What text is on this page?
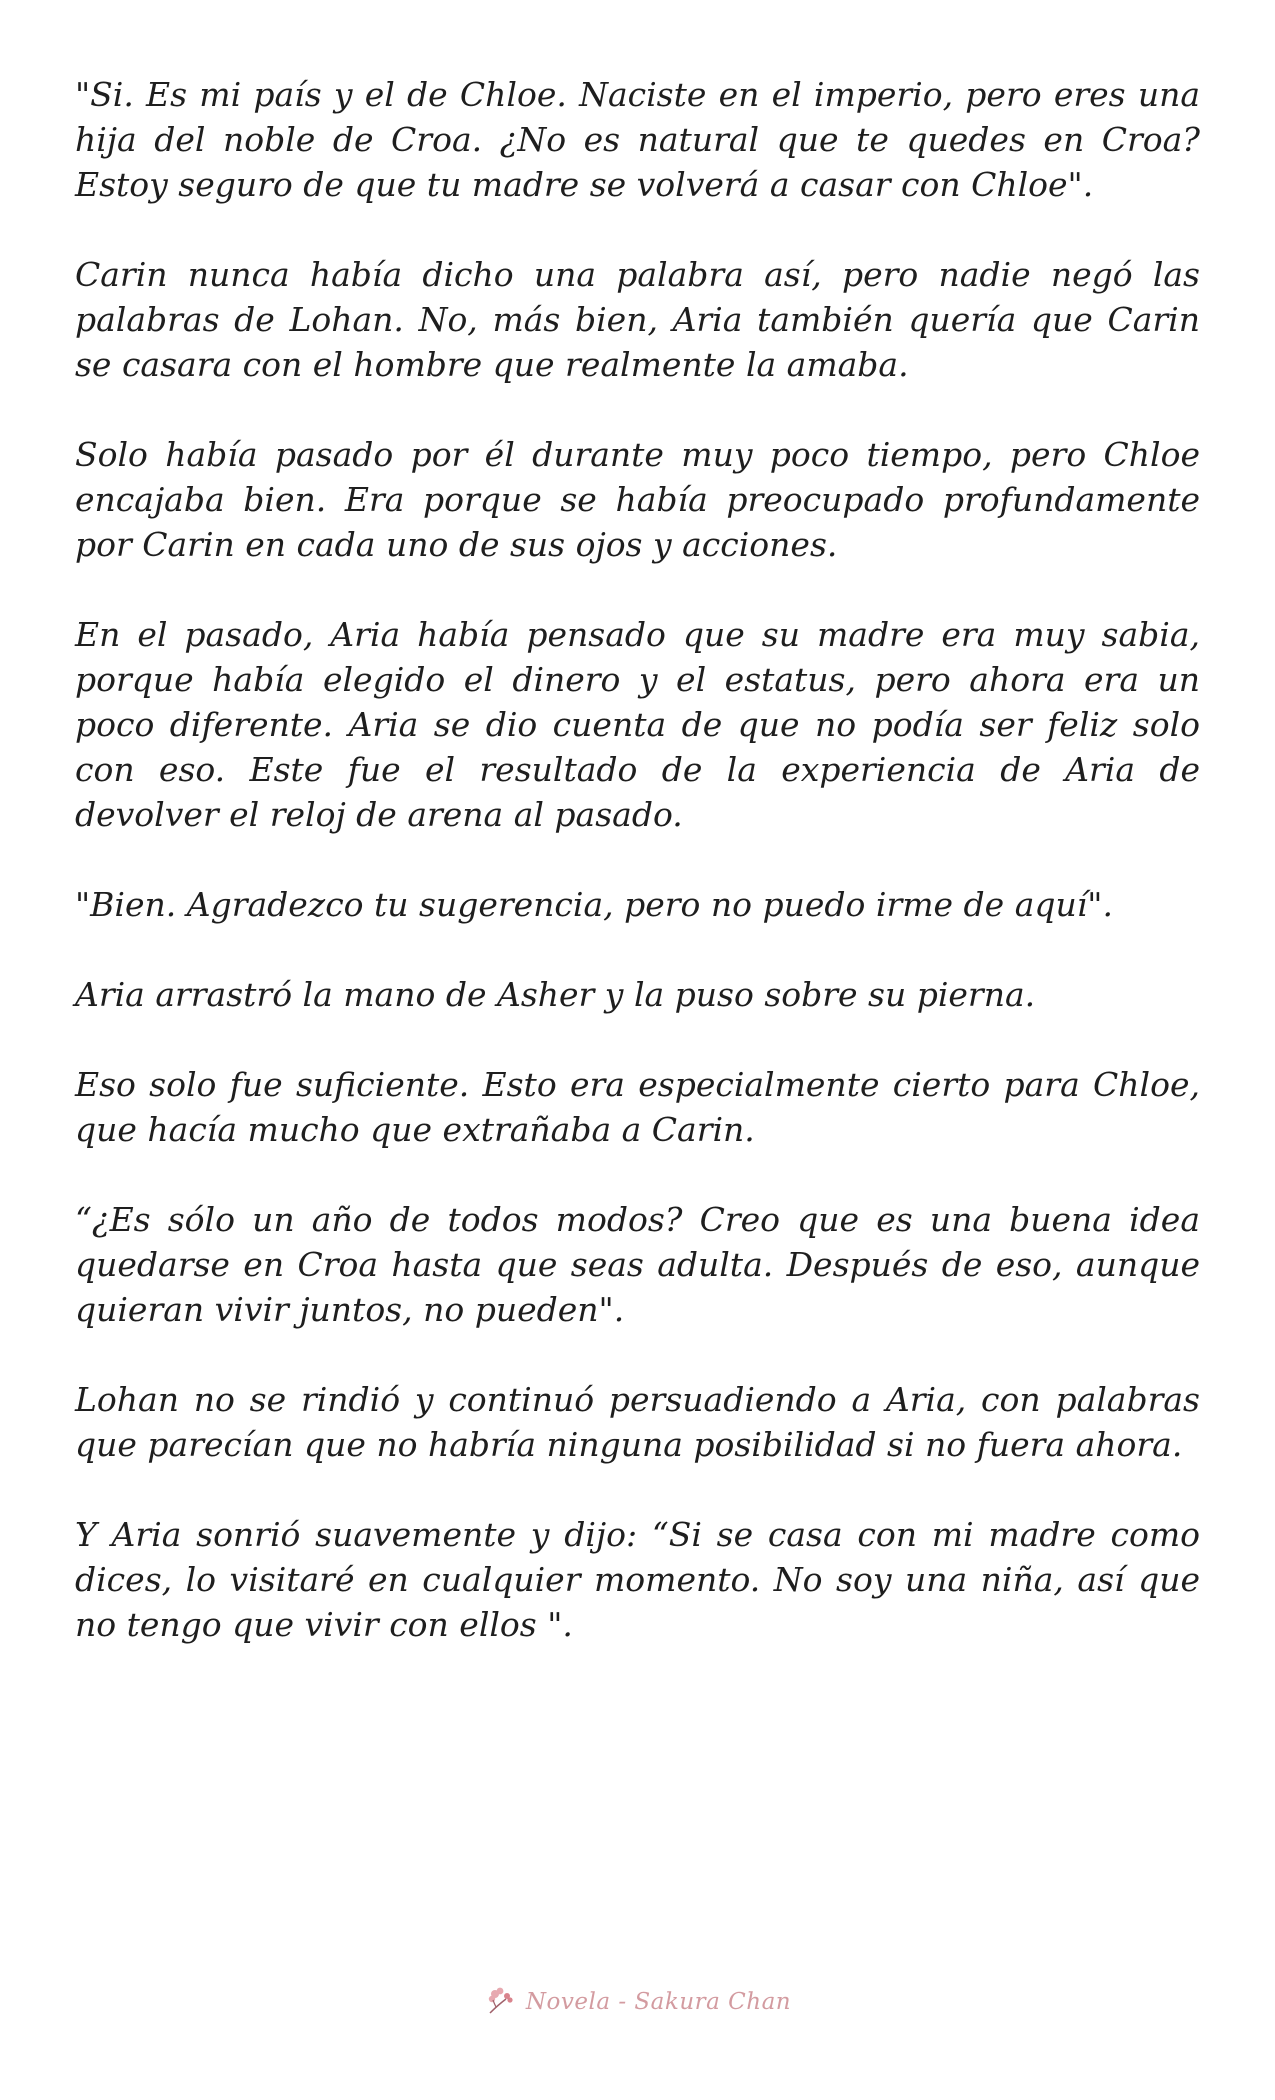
"Si. Es mi país y el de Chloe. Naciste en el imperio, pero eres una hija del noble de Croa. ¿No es natural que te quedes en Croa? Estoy seguro de que tu madre se volverá a casar con Chloe".

Carin nunca había dicho una palabra así, pero nadie negó las palabras de Lohan. No, más bien, Aria también quería que Carin se casara con el hombre que realmente la amaba.

Solo había pasado por él durante muy poco tiempo, pero Chloe encajaba bien. Era porque se había preocupado profundamente por Carin en cada uno de sus ojos y acciones.

En el pasado, Aria había pensado que su madre era muy sabia, porque había elegido el dinero y el estatus, pero ahora era un poco diferente. Aria se dio cuenta de que no podía ser feliz solo con eso. Este fue el resultado de la experiencia de Aria de devolver el reloj de arena al pasado.

"Bien. Agradezco tu sugerencia, pero no puedo irme de aquí".

Aria arrastró la mano de Asher y la puso sobre su pierna.

Eso solo fue suficiente. Esto era especialmente cierto para Chloe, que hacía mucho que extrañaba a Carin.

“¿Es sólo un año de todos modos? Creo que es una buena idea quedarse en Croa hasta que seas adulta. Después de eso, aunque quieran vivir juntos, no pueden".

Lohan no se rindió y continuó persuadiendo a Aria, con palabras que parecían que no habría ninguna posibilidad si no fuera ahora.

Y Aria sonrió suavemente y dijo: “Si se casa con mi madre como dices, lo visitaré en cualquier momento. No soy una niña, así que no tengo que vivir con ellos ".

Novela - Sakura Chan
